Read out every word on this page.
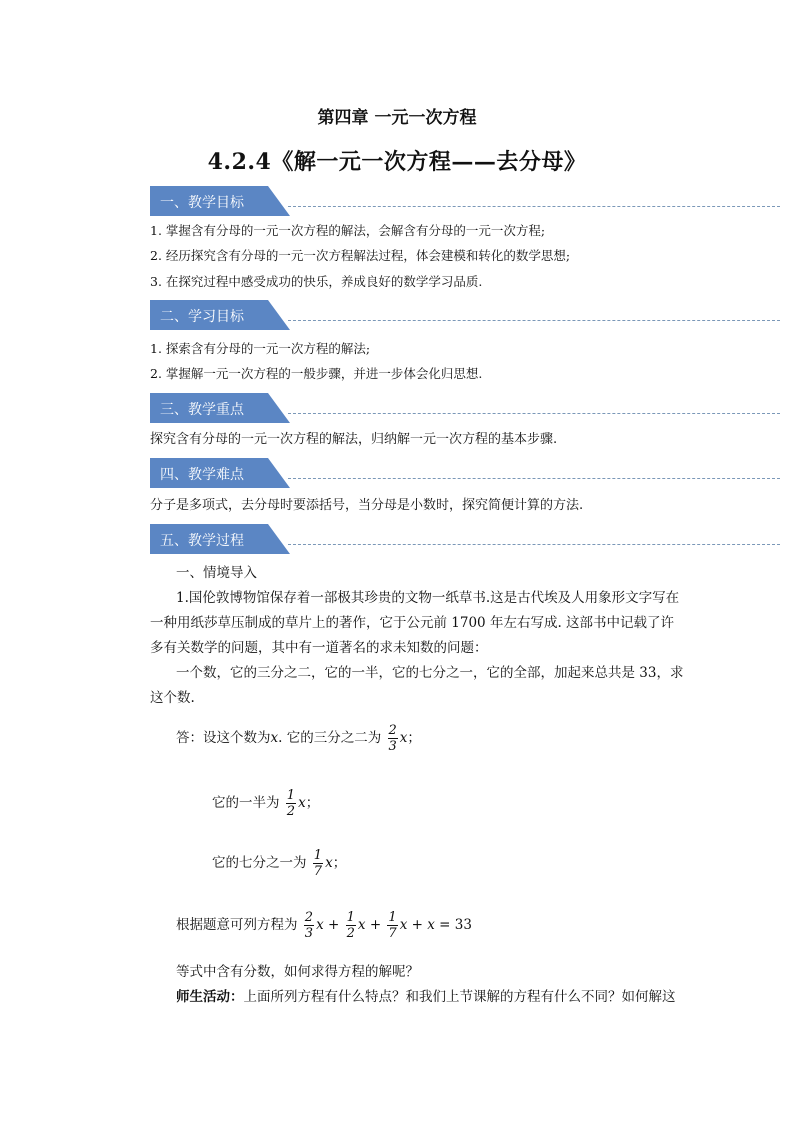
第四章 一元一次方程
4.2.4《解一元一次方程——去分母》
一、教学目标
1. 掌握含有分母的一元一次方程的解法，会解含有分母的一元一次方程;
2. 经历探究含有分母的一元一次方程解法过程，体会建模和转化的数学思想;
3. 在探究过程中感受成功的快乐，养成良好的数学学习品质.
二、学习目标
1. 探索含有分母的一元一次方程的解法;
2. 掌握解一元一次方程的一般步骤，并进一步体会化归思想.
三、教学重点
探究含有分母的一元一次方程的解法，归纳解一元一次方程的基本步骤.
四、教学难点
分子是多项式，去分母时要添括号，当分母是小数时，探究简便计算的方法.
五、教学过程
一、情境导入
1.国伦敦博物馆保存着一部极其珍贵的文物一纸草书.这是古代埃及人用象形文字写在
一种用纸莎草压制成的草片上的著作，它于公元前 1700 年左右写成. 这部书中记载了许
多有关数学的问题，其中有一道著名的求未知数的问题：
一个数，它的三分之二，它的一半，它的七分之一，它的全部，加起来总共是 33，求
这个数.
答：设这个数为x. 它的三分之二为 $\frac{2}{3}$ x；
它的一半为 $\frac{1}{2}$ x；
它的七分之一为 $\frac{1}{7}$ x；
根据题意可列方程为 $\frac{2}{3}$ $x + \frac{1}{2}$ $x + \frac{1}{7}$ x + x = 33
等式中含有分数，如何求得方程的解呢？
师生活动：上面所列方程有什么特点？和我们上节课解的方程有什么不同？如何解这
